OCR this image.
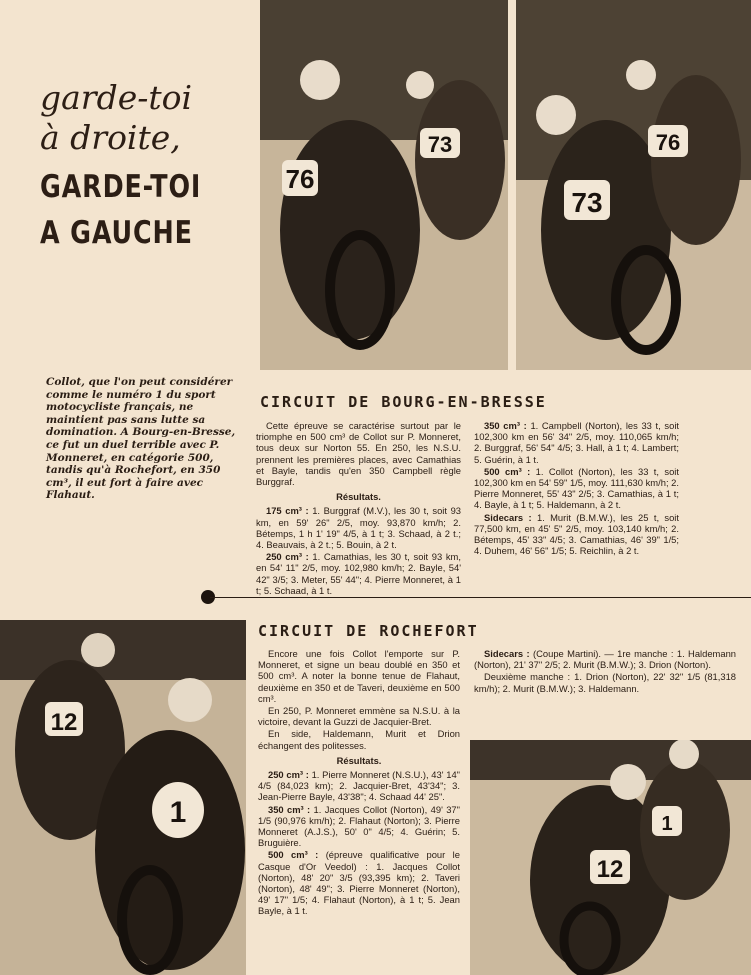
76
73
73
76
12
1
12
1

garde-toi

à droite,

GARDE-TOI

A GAUCHE

Collot, que l'on peut considérer comme le numéro 1 du sport motocycliste français, ne maintient pas sans lutte sa domination. A Bourg-en-Bresse, ce fut un duel terrible avec P. Monneret, en catégorie 500, tandis qu'à Rochefort, en 350 cm³, il eut fort à faire avec Flahaut.

CIRCUIT DE BOURG-EN-BRESSE

Cette épreuve se caractérise surtout par le triomphe en 500 cm³ de Collot sur P. Monneret, tous deux sur Norton 55. En 250, les N.S.U. prennent les premières places, avec Camathias et Bayle, tandis qu'en 350 Campbell règle Burggraf.

Résultats.

175 cm³ : 1. Burggraf (M.V.), les 30 t, soit 93 km, en 59' 26" 2/5, moy. 93,870 km/h; 2. Bétemps, 1 h 1' 19" 4/5, à 1 t; 3. Schaad, à 2 t.; 4. Beauvais, à 2 t.; 5. Bouin, à 2 t.

250 cm³ : 1. Camathias, les 30 t, soit 93 km, en 54' 11" 2/5, moy. 102,980 km/h; 2. Bayle, 54' 42" 3/5; 3. Meter, 55' 44"; 4. Pierre Monneret, à 1 t; 5. Schaad, à 1 t.

350 cm³ : 1. Campbell (Norton), les 33 t, soit 102,300 km en 56' 34" 2/5, moy. 110,065 km/h; 2. Burggraf, 56' 54" 4/5; 3. Hall, à 1 t; 4. Lambert; 5. Guérin, à 1 t.

500 cm³ : 1. Collot (Norton), les 33 t, soit 102,300 km en 54' 59" 1/5, moy. 111,630 km/h; 2. Pierre Monneret, 55' 43" 2/5; 3. Camathias, à 1 t; 4. Bayle, à 1 t; 5. Haldemann, à 2 t.

Sidecars : 1. Murit (B.M.W.), les 25 t, soit 77,500 km, en 45' 5" 2/5, moy. 103,140 km/h; 2. Bétemps, 45' 33" 4/5; 3. Camathias, 46' 39" 1/5; 4. Duhem, 46' 56" 1/5; 5. Reichlin, à 2 t.

CIRCUIT DE ROCHEFORT

Encore une fois Collot l'emporte sur P. Monneret, et signe un beau doublé en 350 et 500 cm³. A noter la bonne tenue de Flahaut, deuxième en 350 et de Taveri, deuxième en 500 cm³.

En 250, P. Monneret emmène sa N.S.U. à la victoire, devant la Guzzi de Jacquier-Bret.

En side, Haldemann, Murit et Drion échangent des politesses.

Résultats.

250 cm³ : 1. Pierre Monneret (N.S.U.), 43' 14" 4/5 (84,023 km); 2. Jacquier-Bret, 43'34"; 3. Jean-Pierre Bayle, 43'38"; 4. Schaad 44' 25".

350 cm³ : 1. Jacques Collot (Norton), 49' 37" 1/5 (90,976 km/h); 2. Flahaut (Norton); 3. Pierre Monneret (A.J.S.), 50' 0" 4/5; 4. Guérin; 5. Bruguière.

500 cm³ : (épreuve qualificative pour le Casque d'Or Veedol) : 1. Jacques Collot (Norton), 48' 20" 3/5 (93,395 km); 2. Taveri (Norton), 48' 49"; 3. Pierre Monneret (Norton), 49' 17" 1/5; 4. Flahaut (Norton), à 1 t; 5. Jean Bayle, à 1 t.

Sidecars : (Coupe Martini). — 1re manche : 1. Haldemann (Norton), 21' 37" 2/5; 2. Murit (B.M.W.); 3. Drion (Norton).

Deuxième manche : 1. Drion (Norton), 22' 32" 1/5 (81,318 km/h); 2. Murit (B.M.W.); 3. Haldemann.
